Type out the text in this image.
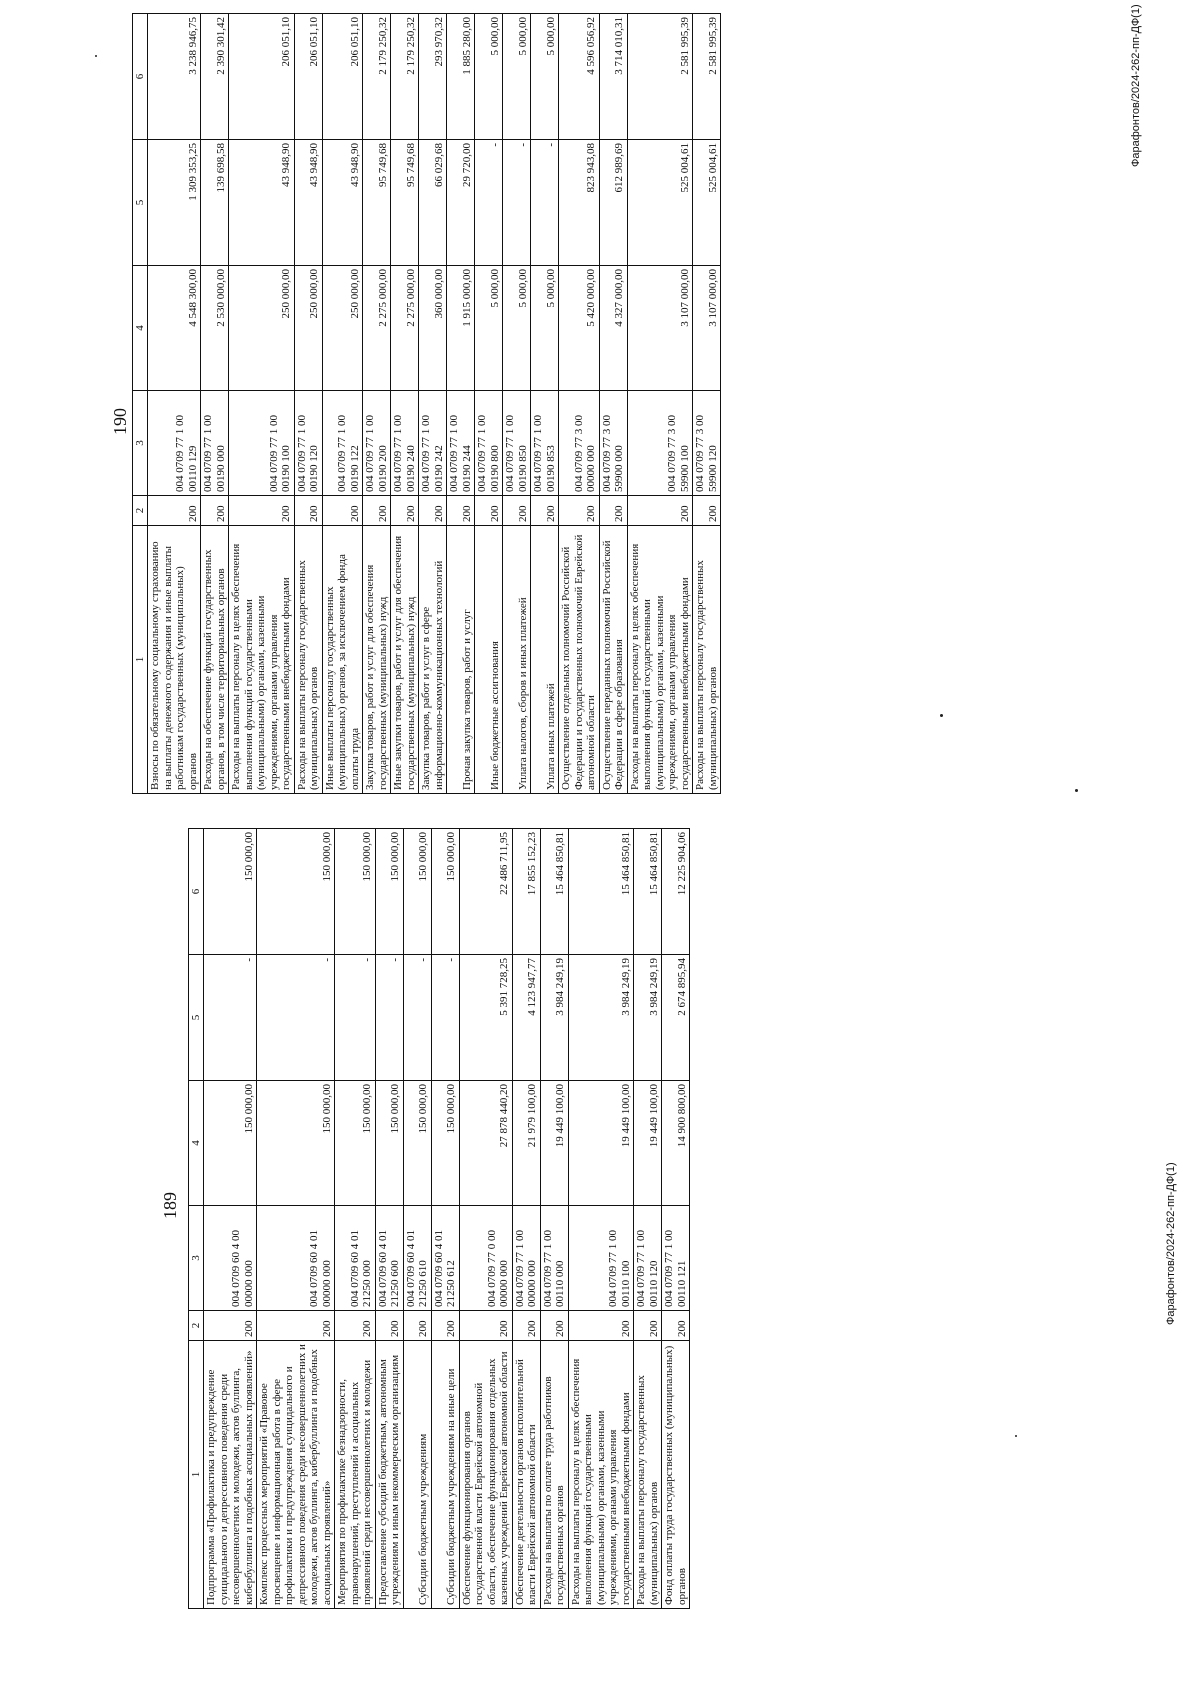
189
1	2	3	4	5	6
Подпрограмма «Профилактика и предупреждение суицидального и депрессивного поведения среди несовершеннолетних и молодежи, актов буллинга, кибербуллинга и подобных асоциальных проявлений»	200	004 0709 60 4 00 00000 000	150 000,00	-	150 000,00
Комплекс процессных мероприятий «Правовое просвещение и информационная работа в сфере профилактики и предупреждения суицидального и депрессивного поведения среди несовершеннолетних и молодежи, актов буллинга, кибербуллинга и подобных асоциальных проявлений»	200	004 0709 60 4 01 00000 000	150 000,00	-	150 000,00
Мероприятия по профилактике безнадзорности, правонарушений, преступлений и асоциальных проявлений среди несовершеннолетних и молодежи	200	004 0709 60 4 01 21250 000	150 000,00	-	150 000,00
Предоставление субсидий бюджетным, автономным учреждениям и иным некоммерческим организациям	200	004 0709 60 4 01 21250 600	150 000,00	-	150 000,00
Субсидии бюджетным учреждениям	200	004 0709 60 4 01 21250 610	150 000,00	-	150 000,00
Субсидии бюджетным учреждениям на иные цели	200	004 0709 60 4 01 21250 612	150 000,00	-	150 000,00
Обеспечение функционирования органов государственной власти Еврейской автономной области, обеспечение функционирования отдельных казенных учреждений Еврейской автономной области	200	004 0709 77 0 00 00000 000	27 878 440,20	5 391 728,25	22 486 711,95
Обеспечение деятельности органов исполнительной власти Еврейской автономной области	200	004 0709 77 1 00 00000 000	21 979 100,00	4 123 947,77	17 855 152,23
Расходы на выплаты по оплате труда работников государственных органов	200	004 0709 77 1 00 00110 000	19 449 100,00	3 984 249,19	15 464 850,81
Расходы на выплаты персоналу в целях обеспечения выполнения функций государственными (муниципальными) органами, казенными учреждениями, органами управления государственными внебюджетными фондами	200	004 0709 77 1 00 00110 100	19 449 100,00	3 984 249,19	15 464 850,81
Расходы на выплаты персоналу государственных (муниципальных) органов	200	004 0709 77 1 00 00110 120	19 449 100,00	3 984 249,19	15 464 850,81
Фонд оплаты труда государственных (муниципальных) органов	200	004 0709 77 1 00 00110 121	14 900 800,00	2 674 895,94	12 225 904,06
Фарафонтов/2024-262-пп-ДФ(1)
190
1	2	3	4	5	6
Взносы по обязательному социальному страхованию на выплаты денежного содержания и иные выплаты работникам государственных (муниципальных) органов	200	004 0709 77 1 00 00110 129	4 548 300,00	1 309 353,25	3 238 946,75
Расходы на обеспечение функций государственных органов, в том числе территориальных органов	200	004 0709 77 1 00 00190 000	2 530 000,00	139 698,58	2 390 301,42
Расходы на выплаты персоналу в целях обеспечения выполнения функций государственными (муниципальными) органами, казенными учреждениями, органами управления государственными внебюджетными фондами	200	004 0709 77 1 00 00190 100	250 000,00	43 948,90	206 051,10
Расходы на выплаты персоналу государственных (муниципальных) органов	200	004 0709 77 1 00 00190 120	250 000,00	43 948,90	206 051,10
Иные выплаты персоналу государственных (муниципальных) органов, за исключением фонда оплаты труда	200	004 0709 77 1 00 00190 122	250 000,00	43 948,90	206 051,10
Закупка товаров, работ и услуг для обеспечения государственных (муниципальных) нужд	200	004 0709 77 1 00 00190 200	2 275 000,00	95 749,68	2 179 250,32
Иные закупки товаров, работ и услуг для обеспечения государственных (муниципальных) нужд	200	004 0709 77 1 00 00190 240	2 275 000,00	95 749,68	2 179 250,32
Закупка товаров, работ и услуг в сфере информационно-коммуникационных технологий	200	004 0709 77 1 00 00190 242	360 000,00	66 029,68	293 970,32
Прочая закупка товаров, работ и услуг	200	004 0709 77 1 00 00190 244	1 915 000,00	29 720,00	1 885 280,00
Иные бюджетные ассигнования	200	004 0709 77 1 00 00190 800	5 000,00	-	5 000,00
Уплата налогов, сборов и иных платежей	200	004 0709 77 1 00 00190 850	5 000,00	-	5 000,00
Уплата иных платежей	200	004 0709 77 1 00 00190 853	5 000,00	-	5 000,00
Осуществление отдельных полномочий Российской Федерации и государственных полномочий Еврейской автономной области	200	004 0709 77 3 00 00000 000	5 420 000,00	823 943,08	4 596 056,92
Осуществление переданных полномочий Российской Федерации в сфере образования	200	004 0709 77 3 00 59900 000	4 327 000,00	612 989,69	3 714 010,31
Расходы на выплаты персоналу в целях обеспечения выполнения функций государственными (муниципальными) органами, казенными учреждениями, органами управления государственными внебюджетными фондами	200	004 0709 77 3 00 59900 100	3 107 000,00	525 004,61	2 581 995,39
Расходы на выплаты персоналу государственных (муниципальных) органов	200	004 0709 77 3 00 59900 120	3 107 000,00	525 004,61	2 581 995,39	Фарафонтов/2024-262-пп-ДФ(1)
